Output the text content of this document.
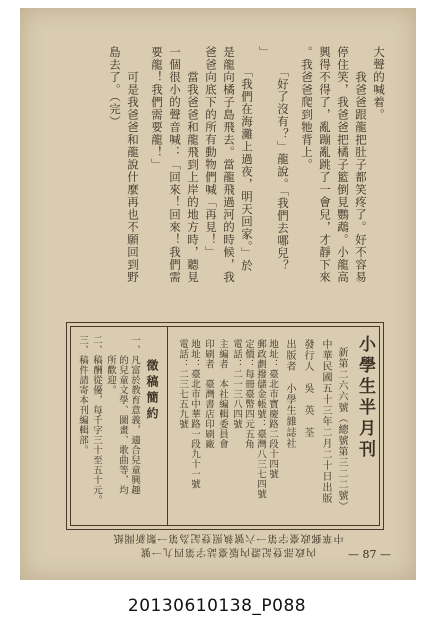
大聲的喊着。
　　我爸爸跟龍把肚子都笑疼了。好不容易
停住笑，我爸爸把橘子籃倒見鸚鵡。小龍高
興得不得了，亂蹦亂跳了一會兒，才靜下來
。我爸爸爬到牠背上。
　　「好了沒有？」龍說。「我們去哪兒？
」
　　「我們在海灘上過夜，明天回家。」於
是龍向橘子島飛去。當龍飛過河的時候，我
爸爸向底下的所有動物們喊「再見！」
　　當我爸爸和龍飛到上岸的地方時，聽見
一個很小的聲音喊：「回來！回來！我們需
要龍！我們需要龍！」
　　可是我爸爸和龍說什麼再也不願回到野
島去了。（完）
小學生半月刊
新第二六六號（總號第三二二號）
中華民國五十三年二月二十日出版
發行人　吳　英　荃
出版者　小學生雜誌社
地址：臺北市寶慶路二段十四號
郵政劃撥儲金帳號：臺灣八三七四號
定價：每冊臺幣四元五角
電話：二一三八四號
主編者　本社編輯委員會
印刷者　臺灣書店印刷廠
地址：臺北市中華路一段九十一號
電話：二三七五九號
徵稿簡約
一、凡富於教育意義，適合兒童興趣
　　的兒童文學、圖畫、歌曲等，均
　　所歡迎。
二、稿酬從優，每千字三十至五十元。
三、稿件請寄本刊編輯部。
— 87 —
20130610138_P088
中華郵政臺字第一六號執照登記為第一類新聞紙
內政部登記證內版臺誌字第四九一號
